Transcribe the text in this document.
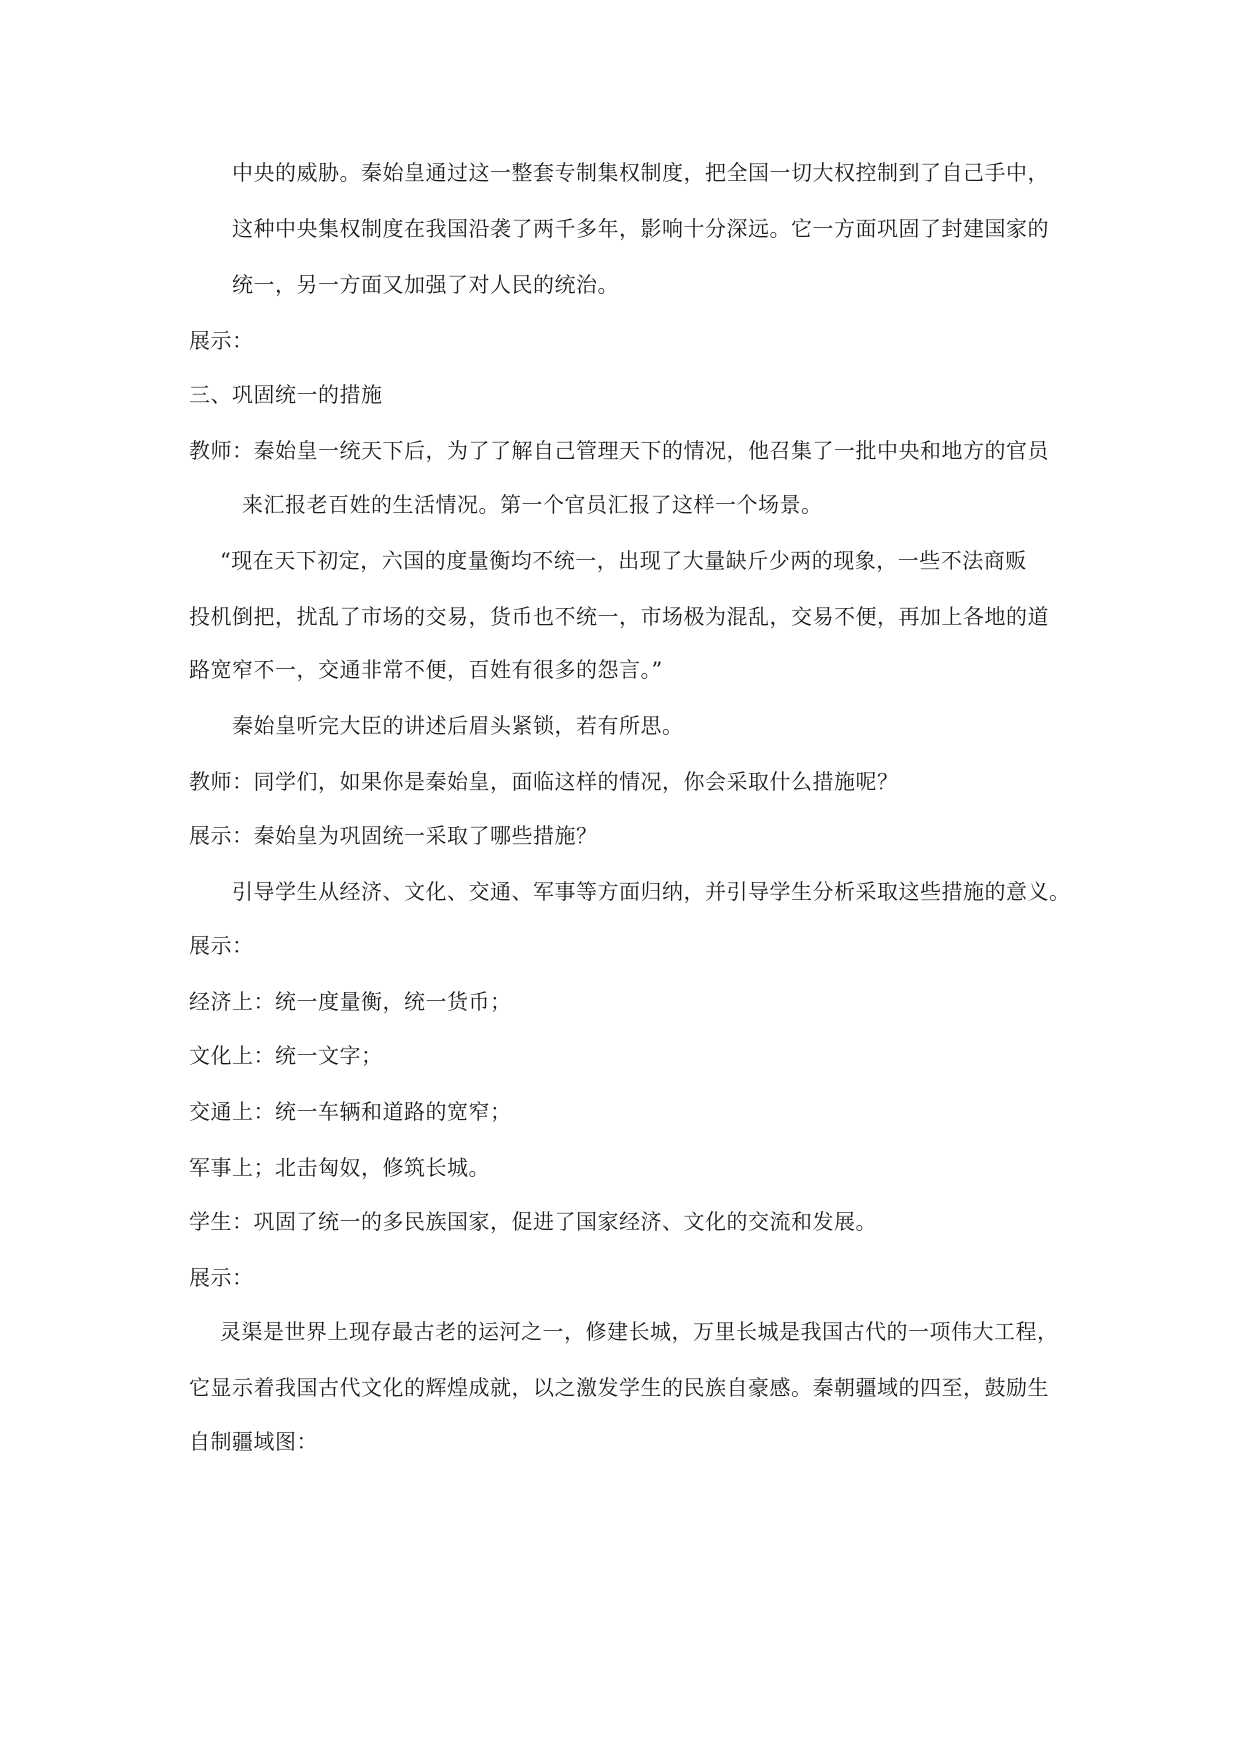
中央的威胁。秦始皇通过这一整套专制集权制度，把全国一切大权控制到了自己手中，
这种中央集权制度在我国沿袭了两千多年，影响十分深远。它一方面巩固了封建国家的
统一，另一方面又加强了对人民的统治。
展示：
三、巩固统一的措施
教师：秦始皇一统天下后，为了了解自己管理天下的情况，他召集了一批中央和地方的官员
来汇报老百姓的生活情况。第一个官员汇报了这样一个场景。
“现在天下初定，六国的度量衡均不统一，出现了大量缺斤少两的现象，一些不法商贩
投机倒把，扰乱了市场的交易，货币也不统一，市场极为混乱，交易不便，再加上各地的道
路宽窄不一，交通非常不便，百姓有很多的怨言。”
秦始皇听完大臣的讲述后眉头紧锁，若有所思。
教师：同学们，如果你是秦始皇，面临这样的情况，你会采取什么措施呢？
展示：秦始皇为巩固统一采取了哪些措施？
引导学生从经济、文化、交通、军事等方面归纳，并引导学生分析采取这些措施的意义。
展示：
经济上：统一度量衡，统一货币；
文化上：统一文字；
交通上：统一车辆和道路的宽窄；
军事上；北击匈奴，修筑长城。
学生：巩固了统一的多民族国家，促进了国家经济、文化的交流和发展。
展示：
灵渠是世界上现存最古老的运河之一，修建长城，万里长城是我国古代的一项伟大工程，
它显示着我国古代文化的辉煌成就，以之激发学生的民族自豪感。秦朝疆域的四至，鼓励生
自制疆域图：
